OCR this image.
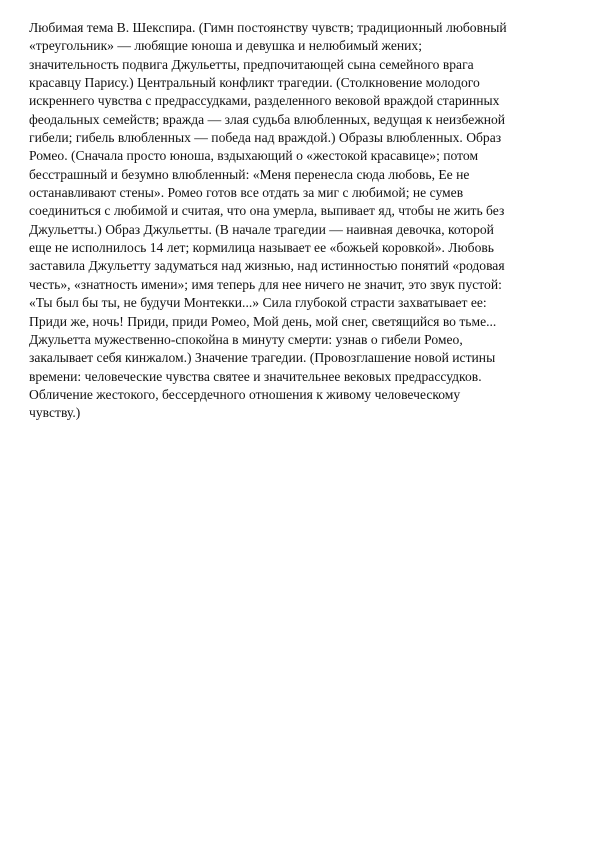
Любимая тема В. Шекспира. (Гимн постоянству чувств; традиционный любовный
«треугольник» — любящие юноша и девушка и нелюбимый жених;
значительность подвига Джульетты, предпочитающей сына семейного врага
красавцу Парису.) Центральный конфликт трагедии. (Столкновение молодого
искреннего чувства с предрассудками, разделенного вековой враждой старинных
феодальных семейств; вражда — злая судьба влюбленных, ведущая к неизбежной
гибели; гибель влюбленных — победа над враждой.) Образы влюбленных. Образ
Ромео. (Сначала просто юноша, вздыхающий о «жестокой красавице»; потом
бесстрашный и безумно влюбленный: «Меня перенесла сюда любовь, Ее не
останавливают стены». Ромео готов все отдать за миг с любимой; не сумев
соединиться с любимой и считая, что она умерла, выпивает яд, чтобы не жить без
Джульетты.) Образ Джульетты. (В начале трагедии — наивная девочка, которой
еще не исполнилось 14 лет; кормилица называет ее «божьей коровкой». Любовь
заставила Джульетту задуматься над жизнью, над истинностью понятий «родовая
честь», «знатность имени»; имя теперь для нее ничего не значит, это звук пустой:
«Ты был бы ты, не будучи Монтекки...» Сила глубокой страсти захватывает ее:
Приди же, ночь! Приди, приди Ромео, Мой день, мой снег, светящийся во тьме...
Джульетта мужественно-спокойна в минуту смерти: узнав о гибели Ромео,
закалывает себя кинжалом.) Значение трагедии. (Провозглашение новой истины
времени: человеческие чувства святее и значительнее вековых предрассудков.
Обличение жестокого, бессердечного отношения к живому человеческому
чувству.)
